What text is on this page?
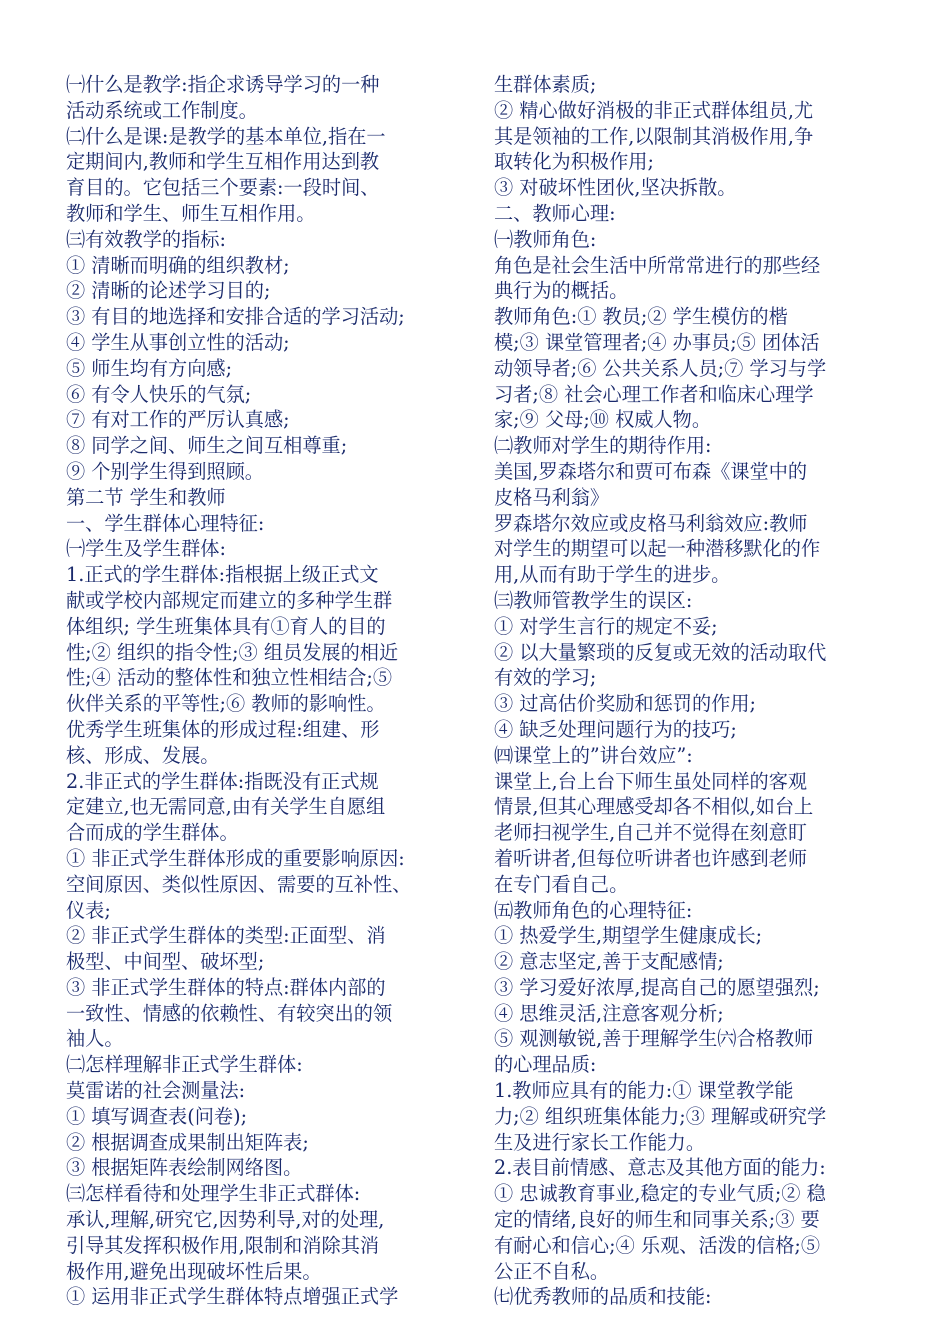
㈠什么是教学:指企求诱导学习的一种
活动系统或工作制度。
㈡什么是课:是教学的基本单位,指在一
定期间内,教师和学生互相作用达到教
育目的。它包括三个要素:一段时间、
教师和学生、师生互相作用。
㈢有效教学的指标:
① 清晰而明确的组织教材;
② 清晰的论述学习目的;
③ 有目的地选择和安排合适的学习活动;
④ 学生从事创立性的活动;
⑤ 师生均有方向感;
⑥ 有令人快乐的气氛;
⑦ 有对工作的严厉认真感;
⑧ 同学之间、师生之间互相尊重;
⑨ 个别学生得到照顾。
第二节 学生和教师
一、学生群体心理特征:
㈠学生及学生群体:
1.正式的学生群体:指根据上级正式文
献或学校内部规定而建立的多种学生群
体组织; 学生班集体具有①育人的目的
性;② 组织的指令性;③ 组员发展的相近
性;④ 活动的整体性和独立性相结合;⑤
伙伴关系的平等性;⑥ 教师的影响性。
优秀学生班集体的形成过程:组建、形
核、形成、发展。
2.非正式的学生群体:指既没有正式规
定建立,也无需同意,由有关学生自愿组
合而成的学生群体。
① 非正式学生群体形成的重要影响原因:
空间原因、类似性原因、需要的互补性、
仪表;
② 非正式学生群体的类型:正面型、消
极型、中间型、破坏型;
③ 非正式学生群体的特点:群体内部的
一致性、情感的依赖性、有较突出的领
袖人。
㈡怎样理解非正式学生群体:
莫雷诺的社会测量法:
① 填写调查表(问卷);
② 根据调查成果制出矩阵表;
③ 根据矩阵表绘制网络图。
㈢怎样看待和处理学生非正式群体:
承认,理解,研究它,因势利导,对的处理,
引导其发挥积极作用,限制和消除其消
极作用,避免出现破坏性后果。
① 运用非正式学生群体特点增强正式学
生群体素质;
② 精心做好消极的非正式群体组员,尤
其是领袖的工作,以限制其消极作用,争
取转化为积极作用;
③ 对破坏性团伙,坚决拆散。
二、教师心理:
㈠教师角色:
角色是社会生活中所常常进行的那些经
典行为的概括。
教师角色:① 教员;② 学生模仿的楷
模;③ 课堂管理者;④ 办事员;⑤ 团体活
动领导者;⑥ 公共关系人员;⑦ 学习与学
习者;⑧ 社会心理工作者和临床心理学
家;⑨ 父母;⑩ 权威人物。
㈡教师对学生的期待作用:
美国,罗森塔尔和贾可布森《课堂中的
皮格马利翁》
罗森塔尔效应或皮格马利翁效应:教师
对学生的期望可以起一种潜移默化的作
用,从而有助于学生的进步。
㈢教师管教学生的误区:
① 对学生言行的规定不妥;
② 以大量繁琐的反复或无效的活动取代
有效的学习;
③ 过高估价奖励和惩罚的作用;
④ 缺乏处理问题行为的技巧;
㈣课堂上的”讲台效应”:
课堂上,台上台下师生虽处同样的客观
情景,但其心理感受却各不相似,如台上
老师扫视学生,自己并不觉得在刻意盯
着听讲者,但每位听讲者也许感到老师
在专门看自己。
㈤教师角色的心理特征:
① 热爱学生,期望学生健康成长;
② 意志坚定,善于支配感情;
③ 学习爱好浓厚,提高自己的愿望强烈;
④ 思维灵活,注意客观分析;
⑤ 观测敏锐,善于理解学生㈥合格教师
的心理品质:
1.教师应具有的能力:① 课堂教学能
力;② 组织班集体能力;③ 理解或研究学
生及进行家长工作能力。
2.表目前情感、意志及其他方面的能力:
① 忠诚教育事业,稳定的专业气质;② 稳
定的情绪,良好的师生和同事关系;③ 要
有耐心和信心;④ 乐观、活泼的信格;⑤
公正不自私。
㈦优秀教师的品质和技能:
